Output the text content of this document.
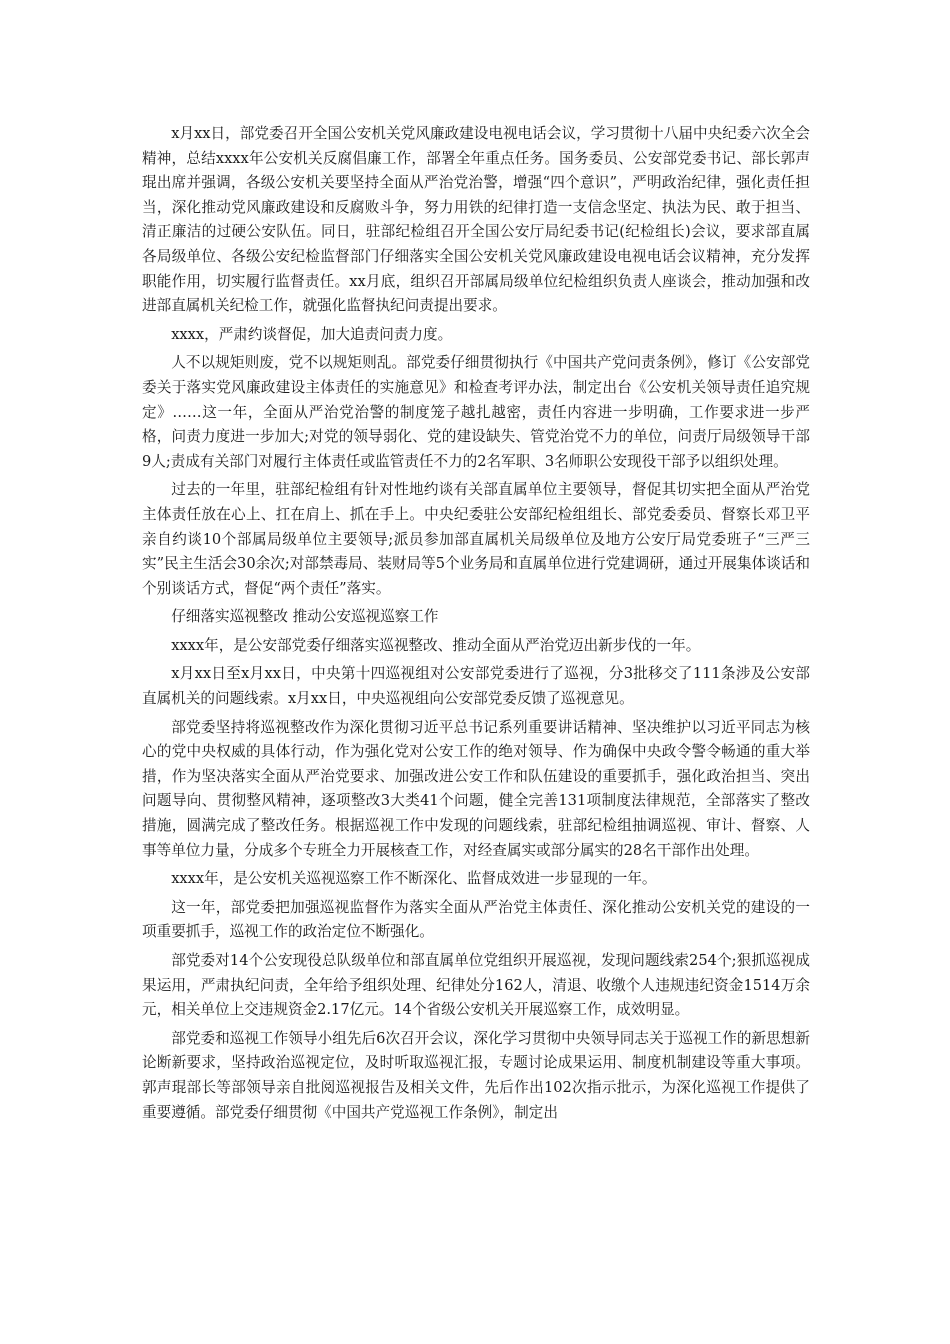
x月xx日，部党委召开全国公安机关党风廉政建设电视电话会议，学习贯彻十八届中央纪委六次全会精神，总结xxxx年公安机关反腐倡廉工作，部署全年重点任务。国务委员、公安部党委书记、部长郭声琨出席并强调，各级公安机关要坚持全面从严治党治警，增强“四个意识”，严明政治纪律，强化责任担当，深化推动党风廉政建设和反腐败斗争，努力用铁的纪律打造一支信念坚定、执法为民、敢于担当、清正廉洁的过硬公安队伍。同日，驻部纪检组召开全国公安厅局纪委书记(纪检组长)会议，要求部直属各局级单位、各级公安纪检监督部门仔细落实全国公安机关党风廉政建设电视电话会议精神，充分发挥职能作用，切实履行监督责任。xx月底，组织召开部属局级单位纪检组织负责人座谈会，推动加强和改进部直属机关纪检工作，就强化监督执纪问责提出要求。

xxxx，严肃约谈督促，加大追责问责力度。

人不以规矩则废，党不以规矩则乱。部党委仔细贯彻执行《中国共产党问责条例》，修订《公安部党委关于落实党风廉政建设主体责任的实施意见》和检查考评办法，制定出台《公安机关领导责任追究规定》……这一年，全面从严治党治警的制度笼子越扎越密，责任内容进一步明确，工作要求进一步严格，问责力度进一步加大;对党的领导弱化、党的建设缺失、管党治党不力的单位，问责厅局级领导干部9人;责成有关部门对履行主体责任或监管责任不力的2名军职、3名师职公安现役干部予以组织处理。

过去的一年里，驻部纪检组有针对性地约谈有关部直属单位主要领导，督促其切实把全面从严治党主体责任放在心上、扛在肩上、抓在手上。中央纪委驻公安部纪检组组长、部党委委员、督察长邓卫平亲自约谈10个部属局级单位主要领导;派员参加部直属机关局级单位及地方公安厅局党委班子“三严三实”民主生活会30余次;对部禁毒局、装财局等5个业务局和直属单位进行党建调研，通过开展集体谈话和个别谈话方式，督促“两个责任”落实。

仔细落实巡视整改 推动公安巡视巡察工作

xxxx年，是公安部党委仔细落实巡视整改、推动全面从严治党迈出新步伐的一年。

x月xx日至x月xx日，中央第十四巡视组对公安部党委进行了巡视，分3批移交了111条涉及公安部直属机关的问题线索。x月xx日，中央巡视组向公安部党委反馈了巡视意见。

部党委坚持将巡视整改作为深化贯彻习近平总书记系列重要讲话精神、坚决维护以习近平同志为核心的党中央权威的具体行动，作为强化党对公安工作的绝对领导、作为确保中央政令警令畅通的重大举措，作为坚决落实全面从严治党要求、加强改进公安工作和队伍建设的重要抓手，强化政治担当、突出问题导向、贯彻整风精神，逐项整改3大类41个问题，健全完善131项制度法律规范，全部落实了整改措施，圆满完成了整改任务。根据巡视工作中发现的问题线索，驻部纪检组抽调巡视、审计、督察、人事等单位力量，分成多个专班全力开展核查工作，对经查属实或部分属实的28名干部作出处理。

xxxx年，是公安机关巡视巡察工作不断深化、监督成效进一步显现的一年。

这一年，部党委把加强巡视监督作为落实全面从严治党主体责任、深化推动公安机关党的建设的一项重要抓手，巡视工作的政治定位不断强化。

部党委对14个公安现役总队级单位和部直属单位党组织开展巡视，发现问题线索254个;狠抓巡视成果运用，严肃执纪问责，全年给予组织处理、纪律处分162人，清退、收缴个人违规违纪资金1514万余元，相关单位上交违规资金2.17亿元。14个省级公安机关开展巡察工作，成效明显。

部党委和巡视工作领导小组先后6次召开会议，深化学习贯彻中央领导同志关于巡视工作的新思想新论断新要求，坚持政治巡视定位，及时听取巡视汇报，专题讨论成果运用、制度机制建设等重大事项。郭声琨部长等部领导亲自批阅巡视报告及相关文件，先后作出102次指示批示，为深化巡视工作提供了重要遵循。部党委仔细贯彻《中国共产党巡视工作条例》，制定出
